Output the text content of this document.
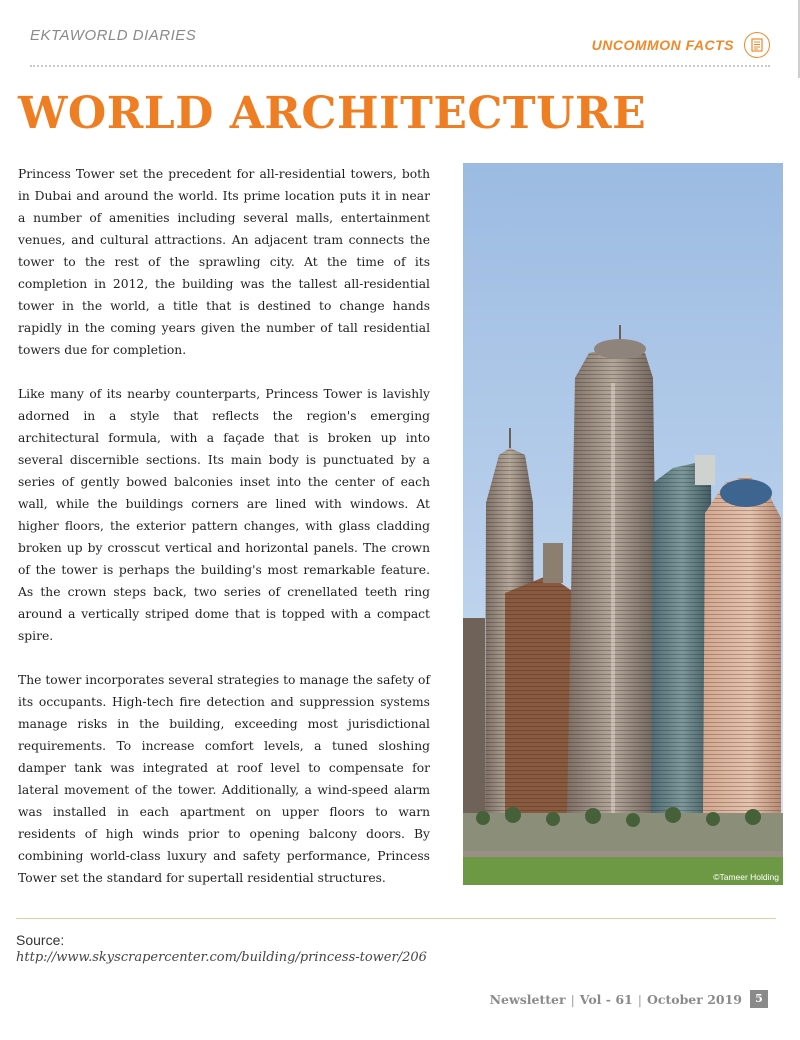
EKTAWORLD DIARIES
UNCOMMON FACTS
WORLD ARCHITECTURE

Princess Tower set the precedent for all-residential towers, both in Dubai and around the world. Its prime location puts it in near a number of amenities including several malls, entertainment venues, and cultural attractions. An adjacent tram connects the tower to the rest of the sprawling city. At the time of its completion in 2012, the building was the tallest all-residential tower in the world, a title that is destined to change hands rapidly in the coming years given the number of tall residential towers due for completion.

Like many of its nearby counterparts, Princess Tower is lavishly adorned in a style that reflects the region's emerging architectural formula, with a façade that is broken up into several discernible sections. Its main body is punctuated by a series of gently bowed balconies inset into the center of each wall, while the buildings corners are lined with windows. At higher floors, the exterior pattern changes, with glass cladding broken up by crosscut vertical and horizontal panels. The crown of the tower is perhaps the building's most remarkable feature. As the crown steps back, two series of crenellated teeth ring around a vertically striped dome that is topped with a compact spire.

The tower incorporates several strategies to manage the safety of its occupants. High-tech fire detection and suppression systems manage risks in the building, exceeding most jurisdictional requirements. To increase comfort levels, a tuned sloshing damper tank was integrated at roof level to compensate for lateral movement of the tower. Additionally, a wind-speed alarm was installed in each apartment on upper floors to warn residents of high winds prior to opening balcony doors. By combining world-class luxury and safety performance, Princess Tower set the standard for supertall residential structures.	©Tameer Holding
Source:
http://www.skyscrapercenter.com/building/princess-tower/206
Newsletter | Vol - 61 | October 2019	5
